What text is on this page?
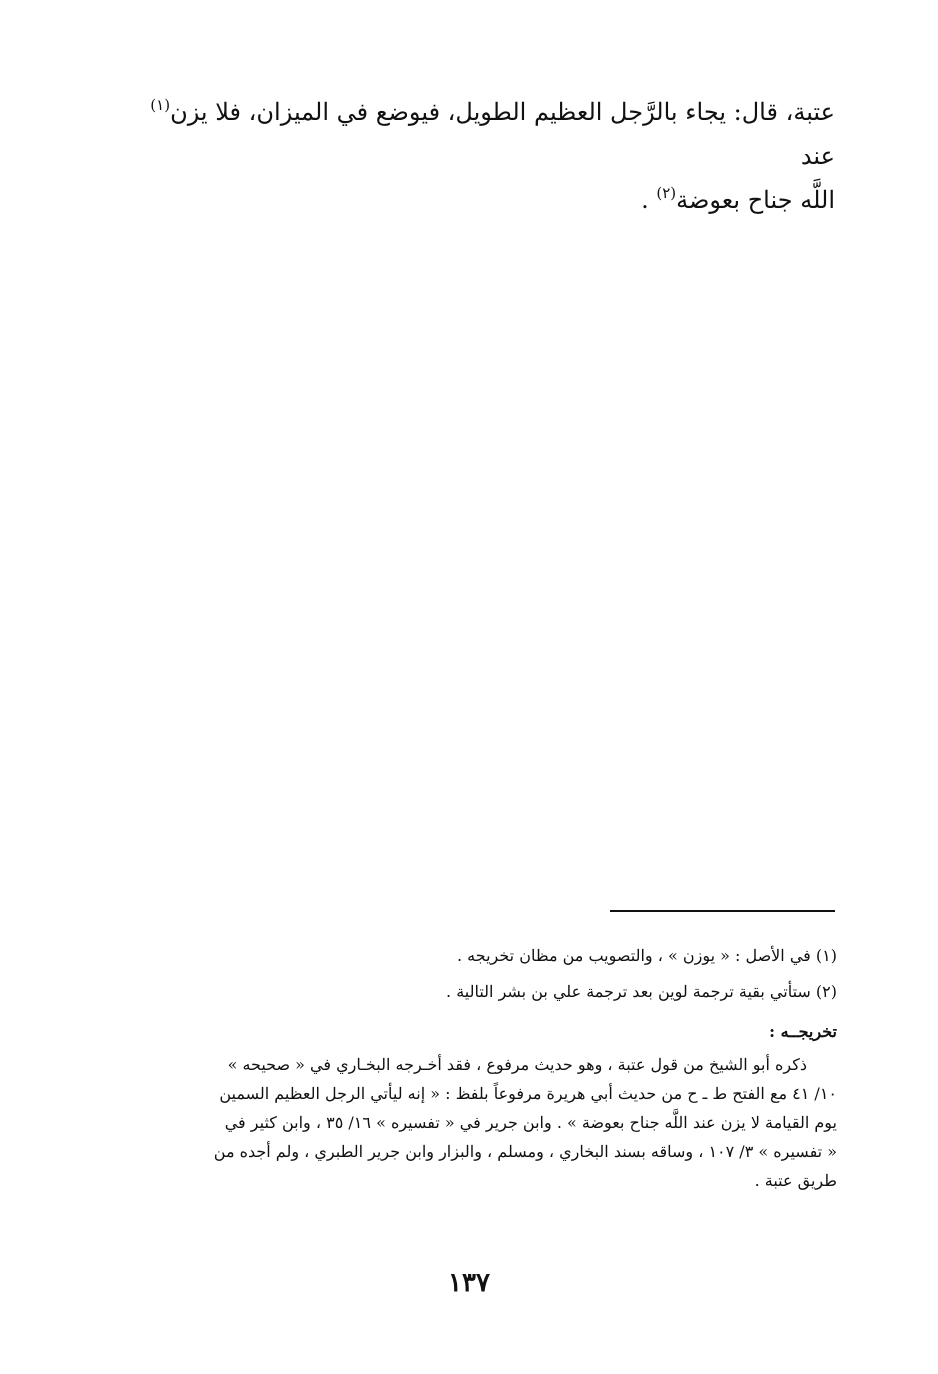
عتبة، قال: يجاء بالرَّجل العظيم الطويل، فيوضع في الميزان، فلا يزن$^{(١)}$ عند

اللَّه جناح بعوضة$^{(٢)}$ .

(١) في الأصل : « يوزن » ، والتصويب من مظان تخريجه .

(٢) ستأتي بقية ترجمة لوين بعد ترجمة علي بن بشر التالية .

تخريجــه :

ذكره أبو الشيخ من قول عتبة ، وهو حديث مرفوع ، فقد أخـرجه البخـاري في « صحيحه »
١٠/ ٤١ مع الفتح ط ـ ح من حديث أبي هريرة مرفوعاً بلفظ : « إنه ليأتي الرجل العظيم السمين
يوم القيامة لا يزن عند اللَّه جناح بعوضة » . وابن جرير في « تفسيره » ١٦/ ٣٥ ، وابن كثير في
« تفسيره » ٣/ ١٠٧ ، وساقه بسند البخاري ، ومسلم ، والبزار وابن جرير الطبري ، ولم أجده من
طريق عتبة .

١٣٧
